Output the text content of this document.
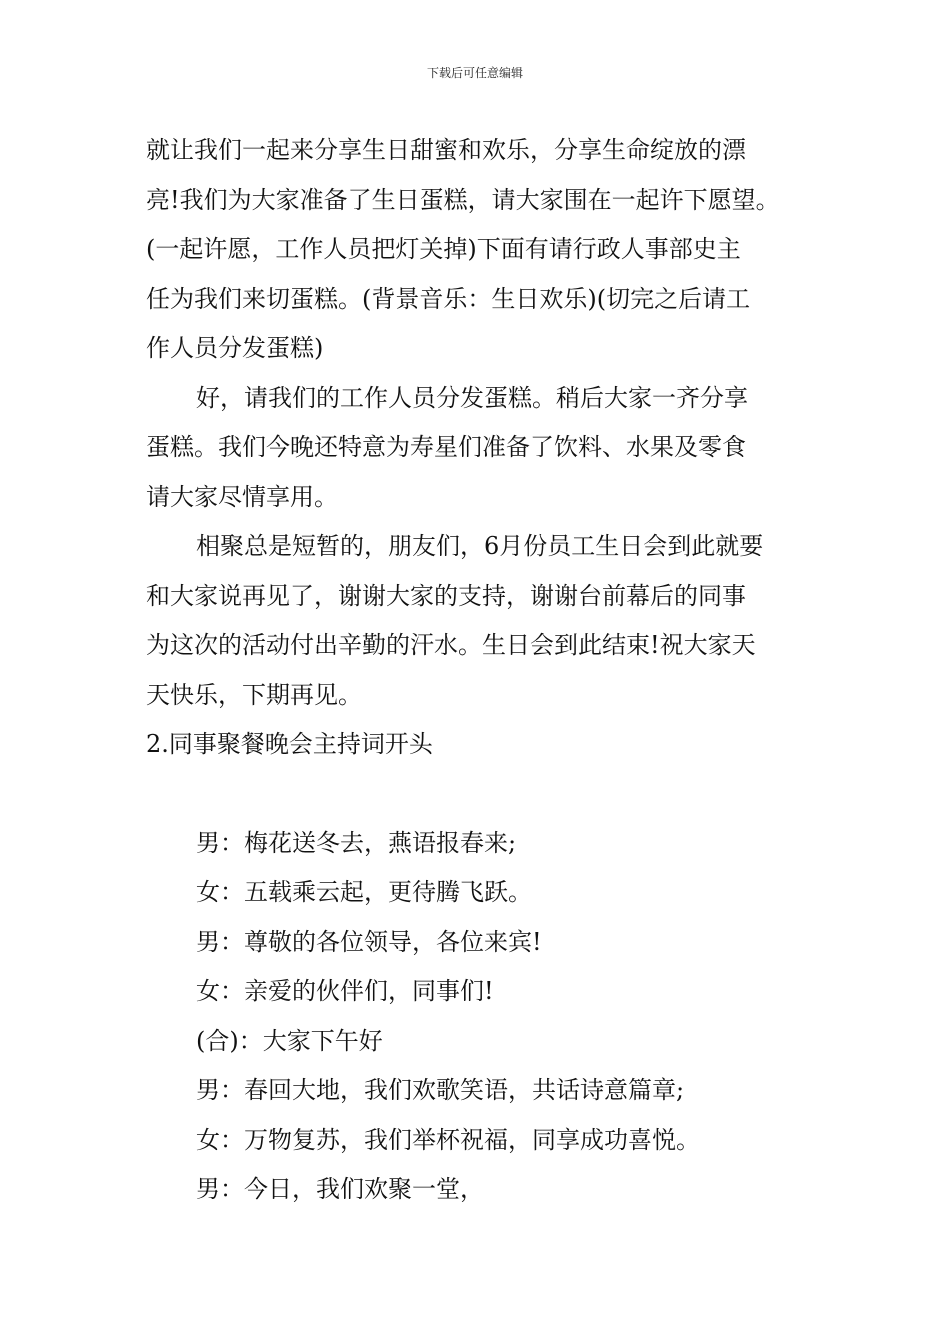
下载后可任意编辑

就让我们一起来分享生日甜蜜和欢乐，分享生命绽放的漂

亮!我们为大家准备了生日蛋糕，请大家围在一起许下愿望。

(一起许愿，工作人员把灯关掉)下面有请行政人事部史主

任为我们来切蛋糕。(背景音乐：生日欢乐)(切完之后请工

作人员分发蛋糕)

好，请我们的工作人员分发蛋糕。稍后大家一齐分享

蛋糕。我们今晚还特意为寿星们准备了饮料、水果及零食

请大家尽情享用。

相聚总是短暂的，朋友们，6月份员工生日会到此就要

和大家说再见了，谢谢大家的支持，谢谢台前幕后的同事

为这次的活动付出辛勤的汗水。生日会到此结束!祝大家天

天快乐，下期再见。

2.同事聚餐晚会主持词开头

男：梅花送冬去，燕语报春来;

女：五载乘云起，更待腾飞跃。

男：尊敬的各位领导，各位来宾!

女：亲爱的伙伴们，同事们!

(合)：大家下午好

男：春回大地，我们欢歌笑语，共话诗意篇章;

女：万物复苏，我们举杯祝福，同享成功喜悦。

男：今日，我们欢聚一堂，
